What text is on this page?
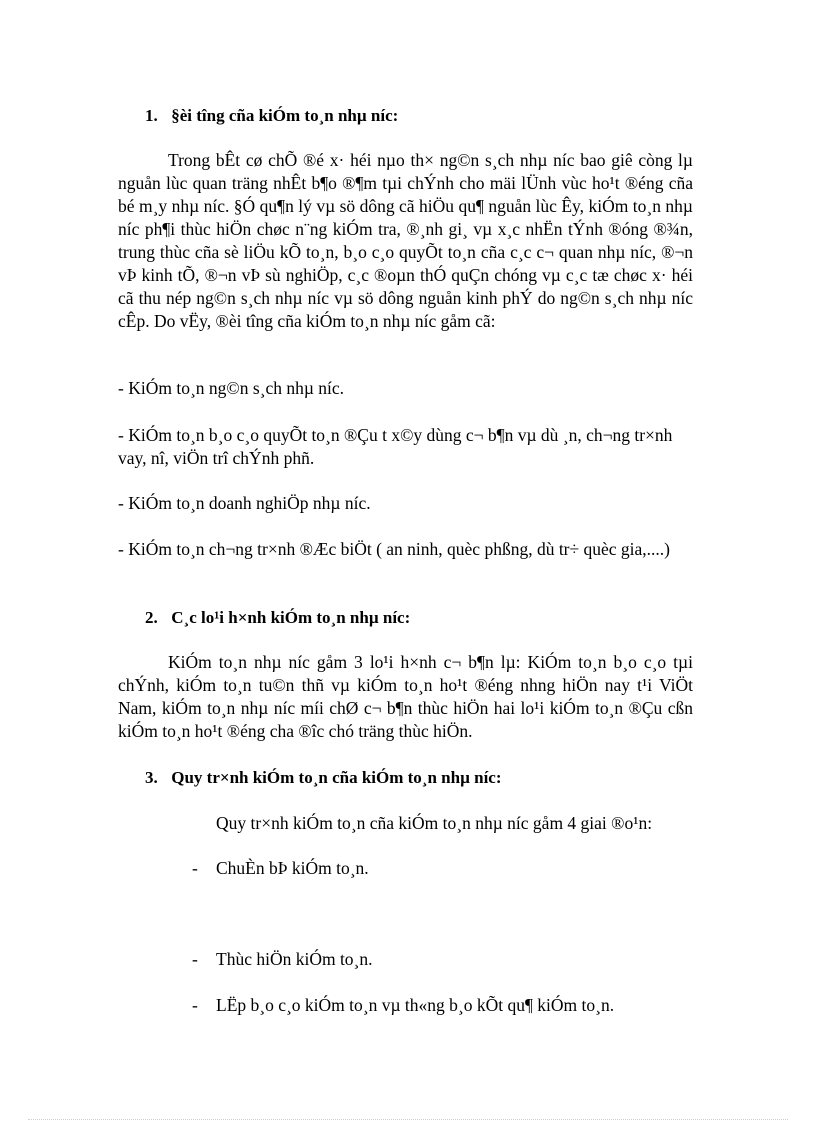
1. §èi tîng cña kiÓm to¸n nhµ níc:
Trong bÊt cø chÕ ®é x· héi nµo th× ng©n s¸ch nhµ níc bao giê còng lµ nguån lùc quan träng nhÊt b¶o ®¶m tµi chÝnh cho mäi lÜnh vùc ho¹t ®éng cña bé m¸y nhµ níc. §Ó qu¶n lý vµ sö dông cã hiÖu qu¶ nguån lùc Êy, kiÓm to¸n nhµ níc ph¶i thùc hiÖn chøc n¨ng kiÓm tra, ®¸nh gi¸ vµ x¸c nhËn tÝnh ®óng ®¾n, trung thùc cña sè liÖu kÕ to¸n, b¸o c¸o quyÕt to¸n cña c¸c c¬ quan nhµ níc, ®¬n vÞ kinh tÕ, ®¬n vÞ sù nghiÖp, c¸c ®oµn thÓ quÇn chóng vµ c¸c tæ chøc x· héi cã thu nép ng©n s¸ch nhµ níc vµ sö dông nguån kinh phÝ do ng©n s¸ch nhµ níc cÊp. Do vËy, ®èi tîng cña kiÓm to¸n nhµ níc gåm cã:
- KiÓm to¸n ng©n s¸ch nhµ níc.
- KiÓm to¸n b¸o c¸o quyÕt to¸n ®Çu t x©y dùng c¬ b¶n vµ dù ¸n, ch¬ng tr×nh vay, nî, viÖn trî chÝnh phñ.
- KiÓm to¸n doanh nghiÖp nhµ níc.
- KiÓm to¸n ch¬ng tr×nh ®Æc biÖt ( an ninh, quèc phßng, dù tr÷ quèc gia,....)
2. C¸c lo¹i h×nh kiÓm to¸n nhµ níc:
KiÓm to¸n nhµ níc gåm 3 lo¹i h×nh c¬ b¶n lµ: KiÓm to¸n b¸o c¸o tµi chÝnh, kiÓm to¸n tu©n thñ vµ kiÓm to¸n ho¹t ®éng nhng hiÖn nay t¹i ViÖt Nam, kiÓm to¸n nhµ níc míi chØ c¬ b¶n thùc hiÖn hai lo¹i kiÓm to¸n ®Çu cßn kiÓm to¸n ho¹t ®éng cha ®îc chó träng thùc hiÖn.
3. Quy tr×nh kiÓm to¸n cña kiÓm to¸n nhµ níc:
Quy tr×nh kiÓm to¸n cña kiÓm to¸n nhµ níc gåm 4 giai ®o¹n:
- ChuÈn bÞ kiÓm to¸n.
- Thùc hiÖn kiÓm to¸n.
- LËp b¸o c¸o kiÓm to¸n vµ th«ng b¸o kÕt qu¶ kiÓm to¸n.
